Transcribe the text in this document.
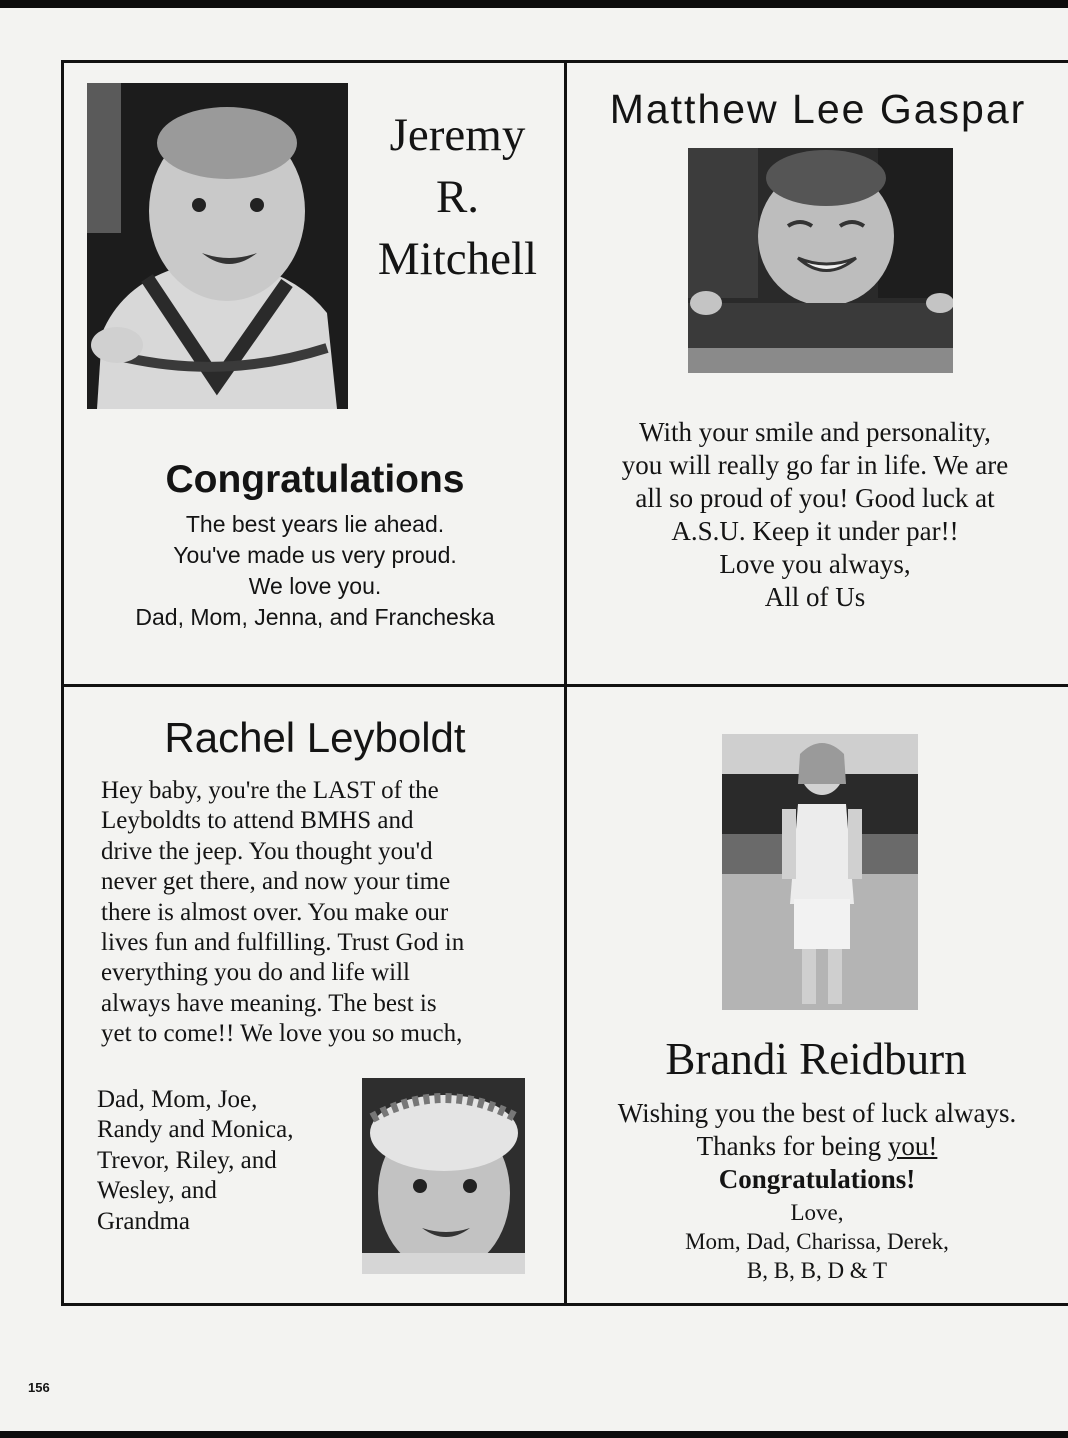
Jeremy
R.
Mitchell
Congratulations
The best years lie ahead.
You've made us very proud.
We love you.
Dad, Mom, Jenna, and Francheska
Matthew Lee Gaspar
With your smile and personality,
you will really go far in life. We are
all so proud of you! Good luck at
A.S.U. Keep it under par!!
Love you always,
All of Us
Rachel Leyboldt
Hey baby, you're the LAST of the
Leyboldts to attend BMHS and
drive the jeep. You thought you'd
never get there, and now your time
there is almost over. You make our
lives fun and fulfilling. Trust God in
everything you do and life will
always have meaning. The best is
yet to come!! We love you so much,
Dad, Mom, Joe,
Randy and Monica,
Trevor, Riley, and
Wesley, and
Grandma
Brandi Reidburn
Wishing you the best of luck always.
Thanks for being you!
Congratulations!
Love,
Mom, Dad, Charissa, Derek,
B, B, B, D & T
156
